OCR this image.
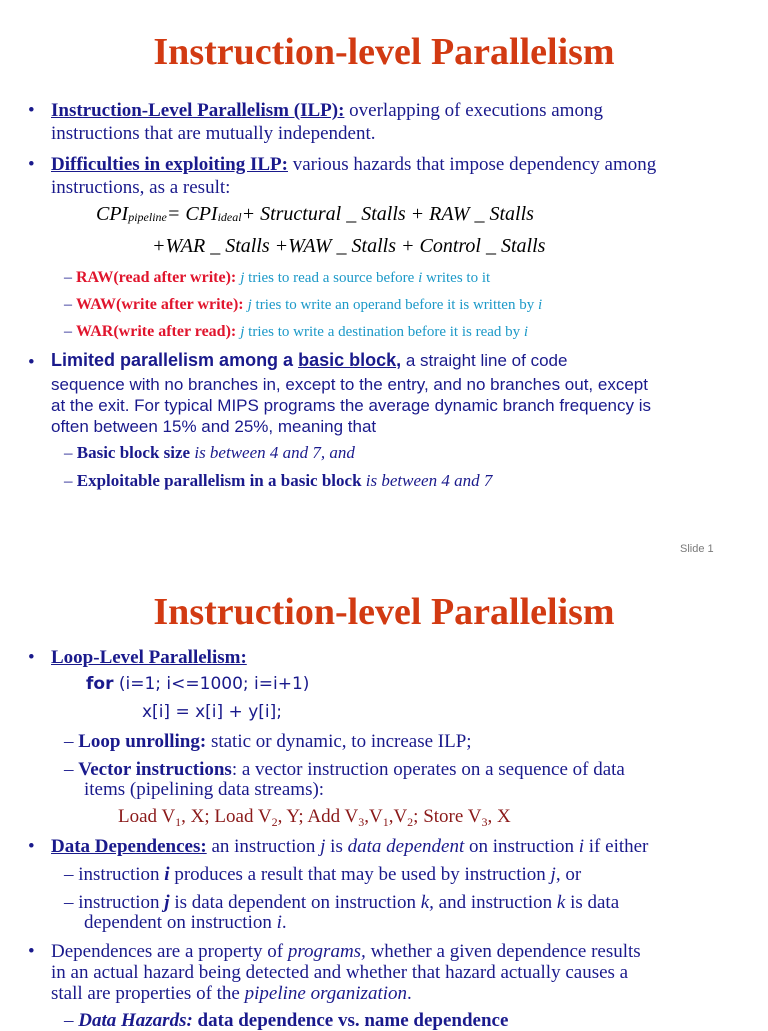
Instruction-level Parallelism
• Instruction-Level Parallelism (ILP): overlapping of executions among
instructions that are mutually independent.
• Difficulties in exploiting ILP: various hazards that impose dependency among
instructions, as a result:
$CPI_{pipeline}= CPI_{ideal}+$ Structural _ Stalls + RAW _ Stalls
+WAR _ Stalls +WAW _ Stalls + Control _ Stalls
– RAW(read after write): j tries to read a source before i writes to it
– WAW(write after write): j tries to write an operand before it is written by i
– WAR(write after read): j tries to write a destination before it is read by i
• Limited parallelism among a basic block, a straight line of code
sequence with no branches in, except to the entry, and no branches out, except
at the exit. For typical MIPS programs the average dynamic branch frequency is
often between 15% and 25%, meaning that
– Basic block size is between 4 and 7, and
– Exploitable parallelism in a basic block is between 4 and 7
Slide 1
Instruction-level Parallelism
• Loop-Level Parallelism:
for (i=1; i<=1000; i=i+1)
x[i] = x[i] + y[i];
– Loop unrolling: static or dynamic, to increase ILP;
– Vector instructions: a vector instruction operates on a sequence of data
items (pipelining data streams):
Load $V_1$, X; Load $V_2$, Y; Add $V_3,V_1,V_2$; Store $V_3$, X
• Data Dependences: an instruction j is data dependent on instruction i if either
– instruction i produces a result that may be used by instruction j, or
– instruction j is data dependent on instruction k, and instruction k is data
dependent on instruction i.
• Dependences are a property of programs, whether a given dependence results
in an actual hazard being detected and whether that hazard actually causes a
stall are properties of the pipeline organization.
– Data Hazards: data dependence vs. name dependence
